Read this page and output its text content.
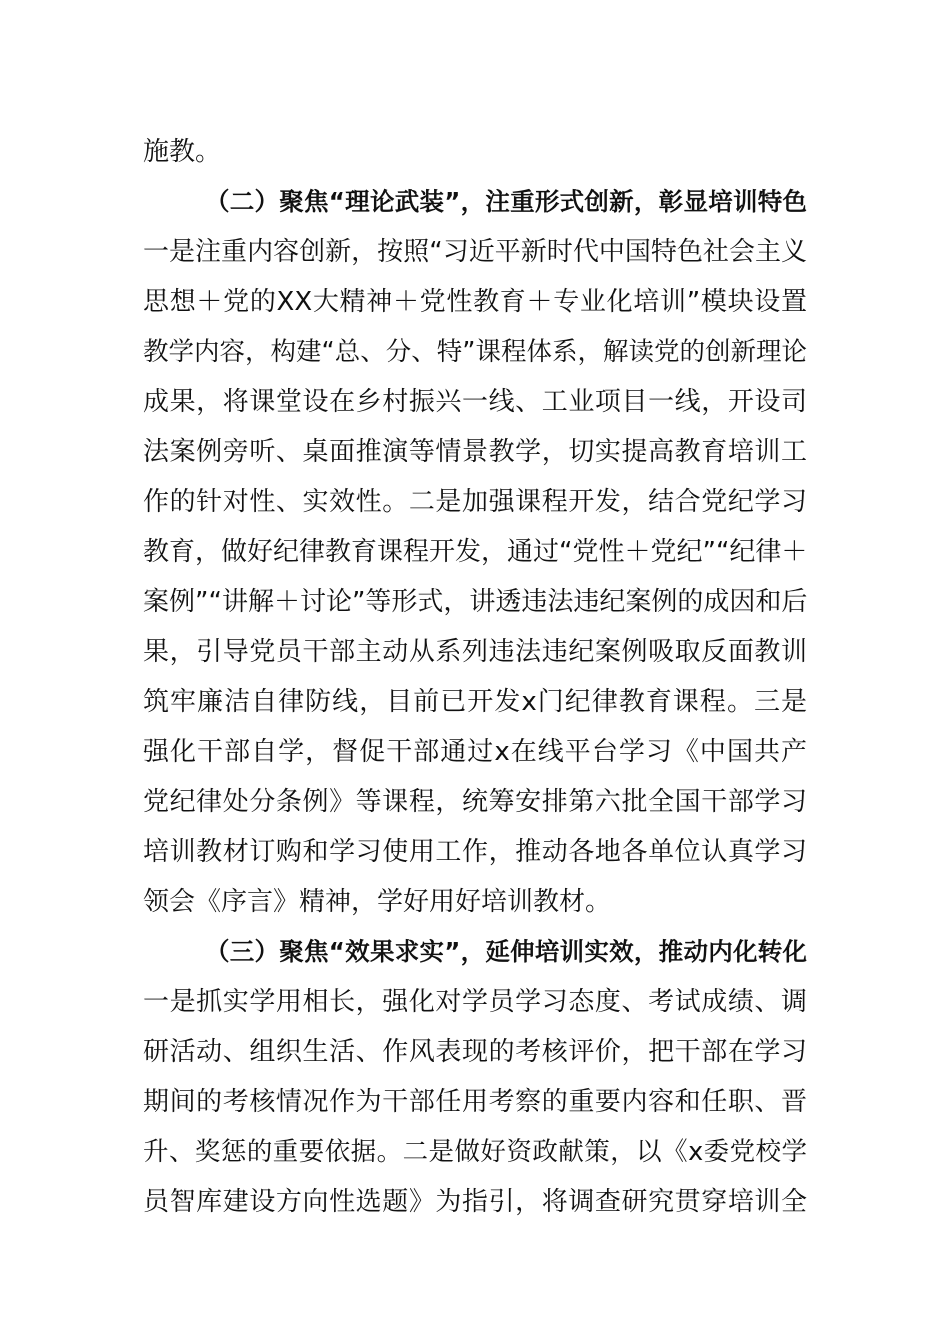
施教。
（二）聚焦“理论武装”，注重形式创新，彰显培训特色
一是注重内容创新，按照“习近平新时代中国特色社会主义
思想＋党的XX大精神＋党性教育＋专业化培训”模块设置
教学内容，构建“总、分、特”课程体系，解读党的创新理论
成果，将课堂设在乡村振兴一线、工业项目一线，开设司
法案例旁听、桌面推演等情景教学，切实提高教育培训工
作的针对性、实效性。二是加强课程开发，结合党纪学习
教育，做好纪律教育课程开发，通过“党性＋党纪”“纪律＋
案例”“讲解＋讨论”等形式，讲透违法违纪案例的成因和后
果，引导党员干部主动从系列违法违纪案例吸取反面教训
筑牢廉洁自律防线，目前已开发x门纪律教育课程。三是
强化干部自学，督促干部通过x在线平台学习《中国共产
党纪律处分条例》等课程，统筹安排第六批全国干部学习
培训教材订购和学习使用工作，推动各地各单位认真学习
领会《序言》精神，学好用好培训教材。
（三）聚焦“效果求实”，延伸培训实效，推动内化转化
一是抓实学用相长，强化对学员学习态度、考试成绩、调
研活动、组织生活、作风表现的考核评价，把干部在学习
期间的考核情况作为干部任用考察的重要内容和任职、晋
升、奖惩的重要依据。二是做好资政献策，以《x委党校学
员智库建设方向性选题》为指引，将调查研究贯穿培训全
